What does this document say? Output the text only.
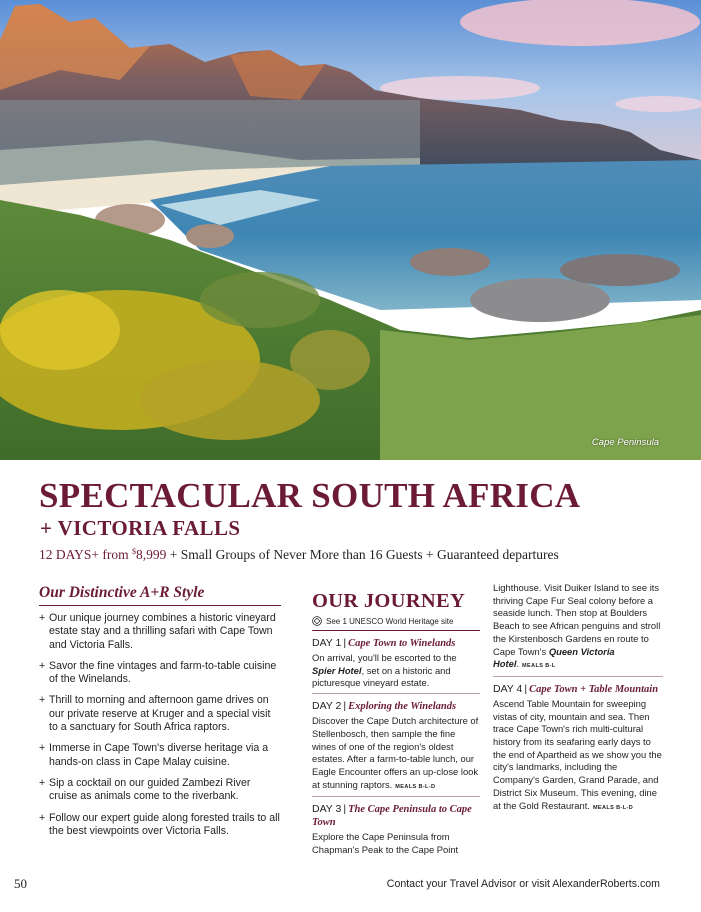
Cape Peninsula
SPECTACULAR SOUTH AFRICA
+ VICTORIA FALLS
12 DAYS+ from $8,999 + Small Groups of Never More than 16 Guests + Guaranteed departures
Our Distinctive A+R Style
+ Our unique journey combines a historic vineyard estate stay and a thrilling safari with Cape Town and Victoria Falls.
+ Savor the fine vintages and farm-to-table cuisine of the Winelands.
+ Thrill to morning and afternoon game drives on our private reserve at Kruger and a special visit to a sanctuary for South Africa raptors.
+ Immerse in Cape Town's diverse heritage via a hands-on class in Cape Malay cuisine.
+ Sip a cocktail on our guided Zambezi River cruise as animals come to the riverbank.
+ Follow our expert guide along forested trails to all the best viewpoints over Victoria Falls.
OUR JOURNEY
See 1 UNESCO World Heritage site
DAY 1 | Cape Town to Winelands
On arrival, you'll be escorted to the Spier Hotel, set on a historic and picturesque vineyard estate.
DAY 2 | Exploring the Winelands
Discover the Cape Dutch architecture of Stellenbosch, then sample the fine wines of one of the region's oldest estates. After a farm-to-table lunch, our Eagle Encounter offers an up-close look at stunning raptors. MEALS B-L-D
DAY 3 | The Cape Peninsula to Cape Town
Explore the Cape Peninsula from Chapman's Peak to the Cape Point
Lighthouse. Visit Duiker Island to see its thriving Cape Fur Seal colony before a seaside lunch. Then stop at Boulders Beach to see African penguins and stroll the Kirstenbosch Gardens en route to Cape Town's Queen Victoria Hotel. MEALS B-L
DAY 4 | Cape Town + Table Mountain
Ascend Table Mountain for sweeping vistas of city, mountain and sea. Then trace Cape Town's rich multi-cultural history from its seafaring early days to the end of Apartheid as we show you the city's landmarks, including the Company's Garden, Grand Parade, and District Six Museum. This evening, dine at the Gold Restaurant. MEALS B-L-D
50	Contact your Travel Advisor or visit AlexanderRoberts.com
